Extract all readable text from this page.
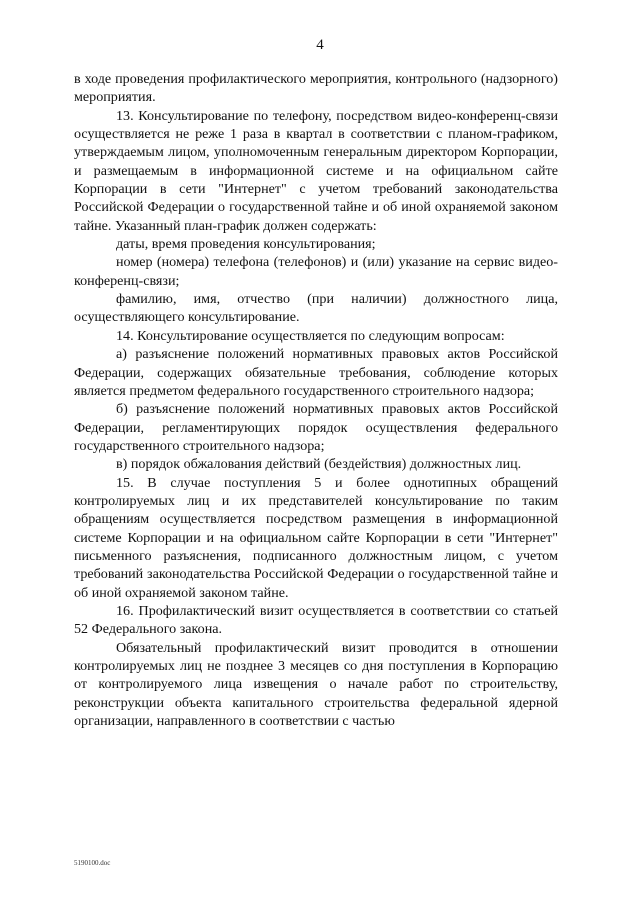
4

в ходе проведения профилактического мероприятия, контрольного (надзорного) мероприятия.

13. Консультирование по телефону, посредством видео-конференц-связи осуществляется не реже 1 раза в квартал в соответствии с планом-графиком, утверждаемым лицом, уполномоченным генеральным директором Корпорации, и размещаемым в информационной системе и на официальном сайте Корпорации в сети "Интернет" с учетом требований законодательства Российской Федерации о государственной тайне и об иной охраняемой законом тайне. Указанный план-график должен содержать:

даты, время проведения консультирования;

номер (номера) телефона (телефонов) и (или) указание на сервис видео-конференц-связи;

фамилию, имя, отчество (при наличии) должностного лица, осуществляющего консультирование.

14. Консультирование осуществляется по следующим вопросам:

а) разъяснение положений нормативных правовых актов Российской Федерации, содержащих обязательные требования, соблюдение которых является предметом федерального государственного строительного надзора;

б) разъяснение положений нормативных правовых актов Российской Федерации, регламентирующих порядок осуществления федерального государственного строительного надзора;

в) порядок обжалования действий (бездействия) должностных лиц.

15. В случае поступления 5 и более однотипных обращений контролируемых лиц и их представителей консультирование по таким обращениям осуществляется посредством размещения в информационной системе Корпорации и на официальном сайте Корпорации в сети "Интернет" письменного разъяснения, подписанного должностным лицом, с учетом требований законодательства Российской Федерации о государственной тайне и об иной охраняемой законом тайне.

16. Профилактический визит осуществляется в соответствии со статьей 52 Федерального закона.

Обязательный профилактический визит проводится в отношении контролируемых лиц не позднее 3 месяцев со дня поступления в Корпорацию от контролируемого лица извещения о начале работ по строительству, реконструкции объекта капитального строительства федеральной ядерной организации, направленного в соответствии с частью

5190100.doc
